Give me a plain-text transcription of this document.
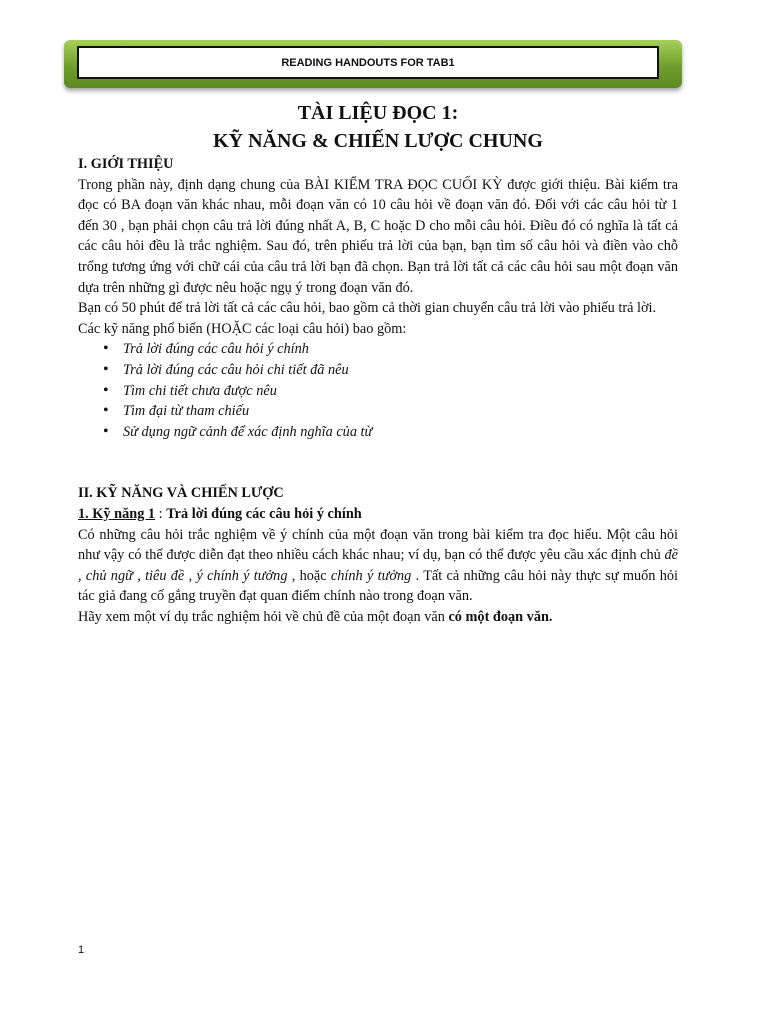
READING HANDOUTS FOR TAB1
TÀI LIỆU ĐỌC 1:
KỸ NĂNG & CHIẾN LƯỢC CHUNG

I. GIỚI THIỆU

Trong phần này, định dạng chung của BÀI KIỂM TRA ĐỌC CUỐI KỲ được giới thiệu. Bài kiểm tra đọc có BA đoạn văn khác nhau, mỗi đoạn văn có 10 câu hỏi về đoạn văn đó. Đối với các câu hỏi từ 1 đến 30 , bạn phải chọn câu trả lời đúng nhất A, B, C hoặc D cho mỗi câu hỏi. Điều đó có nghĩa là tất cả các câu hỏi đều là trắc nghiệm. Sau đó, trên phiếu trả lời của bạn, bạn tìm số câu hỏi và điền vào chỗ trống tương ứng với chữ cái của câu trả lời bạn đã chọn. Bạn trả lời tất cả các câu hỏi sau một đoạn văn dựa trên những gì được nêu hoặc ngụ ý trong đoạn văn đó.

Bạn có 50 phút để trả lời tất cả các câu hỏi, bao gồm cả thời gian chuyển câu trả lời vào phiếu trả lời.

Các kỹ năng phổ biến (HOẶC các loại câu hỏi) bao gồm:

• Trả lời đúng các câu hỏi ý chính
• Trả lời đúng các câu hỏi chi tiết đã nêu
• Tìm chi tiết chưa được nêu
• Tìm đại từ tham chiếu
• Sử dụng ngữ cảnh để xác định nghĩa của từ

II. KỸ NĂNG VÀ CHIẾN LƯỢC

1. Kỹ năng 1 : Trả lời đúng các câu hỏi ý chính

Có những câu hỏi trắc nghiệm về ý chính của một đoạn văn trong bài kiểm tra đọc hiểu. Một câu hỏi như vậy có thể được diễn đạt theo nhiều cách khác nhau; ví dụ, bạn có thể được yêu cầu xác định chủ đề , chủ ngữ , tiêu đề , ý chính ý tưởng , hoặc chính ý tưởng . Tất cả những câu hỏi này thực sự muốn hỏi tác giả đang cố gắng truyền đạt quan điểm chính nào trong đoạn văn.

Hãy xem một ví dụ trắc nghiệm hỏi về chủ đề của một đoạn văn có một đoạn văn.

1
